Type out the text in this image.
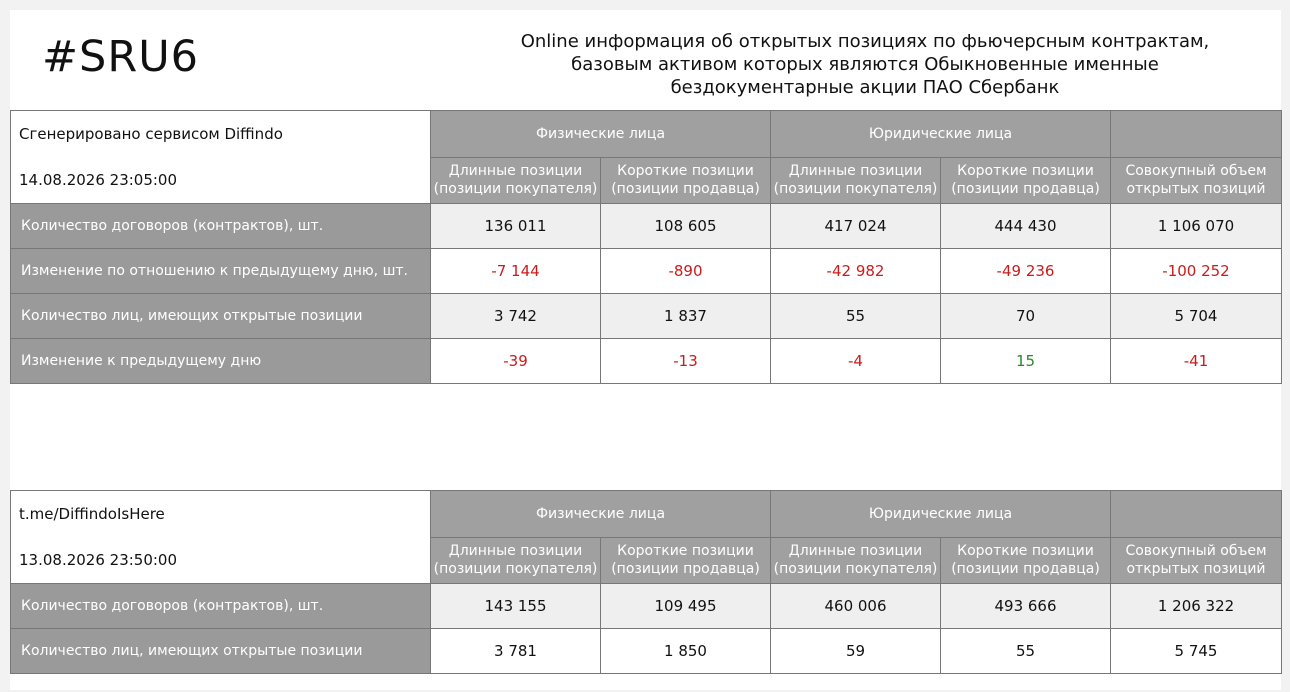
#SRU6	Online информация об открытых позициях по фьючерсным контрактам,
базовым активом которых являются Обыкновенные именные
бездокументарные акции ПАО Сбербанк
Сгенерировано сервисом Diffindo
14.08.2026 23:05:00	Физические лица		Юридические лица		
	Длинные позиции
(позиции покупателя)	Короткие позиции
(позиции продавца)	Длинные позиции
(позиции покупателя)	Короткие позиции
(позиции продавца)	Совокупный объем
открытых позиций
Количество договоров (контрактов), шт.	136 011	108 605	417 024	444 430	1 106 070
Изменение по отношению к предыдущему дню, шт.	-7 144	-890	-42 982	-49 236	-100 252
Количество лиц, имеющих открытые позиции	3 742	1 837	55	70	5 704
Изменение к предыдущему дню	-39	-13	-4	15	-41
t.me/DiffindoIsHere
13.08.2026 23:50:00	Физические лица		Юридические лица		
	Длинные позиции
(позиции покупателя)	Короткие позиции
(позиции продавца)	Длинные позиции
(позиции покупателя)	Короткие позиции
(позиции продавца)	Совокупный объем
открытых позиций
Количество договоров (контрактов), шт.	143 155	109 495	460 006	493 666	1 206 322
Количество лиц, имеющих открытые позиции	3 781	1 850	59	55	5 745
